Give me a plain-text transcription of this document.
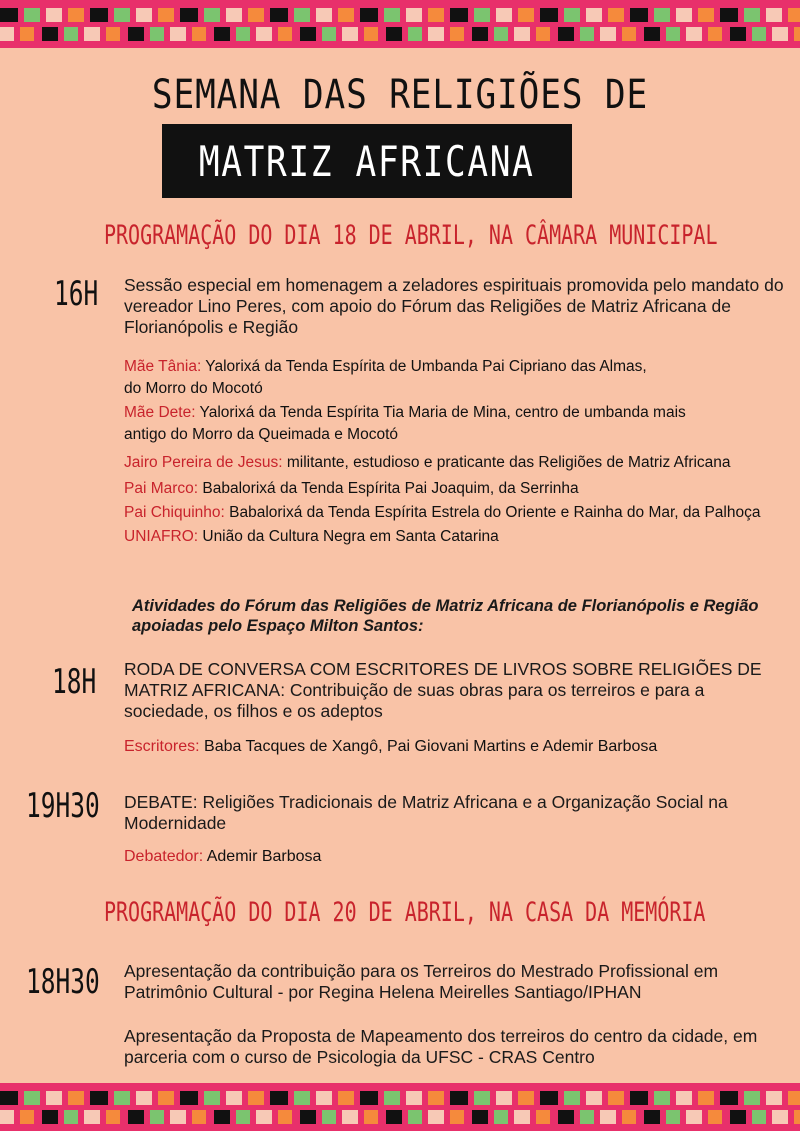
SEMANA DAS RELIGIÕES DE
MATRIZ AFRICANA
PROGRAMAÇÃO DO DIA 18 DE ABRIL, NA CÂMARA MUNICIPAL
16H Sessão especial em homenagem a zeladores espirituais promovida pelo mandato do vereador Lino Peres, com apoio do Fórum das Religiões de Matriz Africana de Florianópolis e Região

Mãe Tânia: Yalorixá da Tenda Espírita de Umbanda Pai Cipriano das Almas,
do Morro do Mocotó

Mãe Dete: Yalorixá da Tenda Espírita Tia Maria de Mina, centro de umbanda mais
antigo do Morro da Queimada e Mocotó

Jairo Pereira de Jesus: militante, estudioso e praticante das Religiões de Matriz Africana

Pai Marco: Babalorixá da Tenda Espírita Pai Joaquim, da Serrinha

Pai Chiquinho: Babalorixá da Tenda Espírita Estrela do Oriente e Rainha do Mar, da Palhoça

UNIAFRO: União da Cultura Negra em Santa Catarina

Atividades do Fórum das Religiões de Matriz Africana de Florianópolis e Região apoiadas pelo Espaço Milton Santos:
18H RODA DE CONVERSA COM ESCRITORES DE LIVROS SOBRE RELIGIÕES DE MATRIZ AFRICANA: Contribuição de suas obras para os terreiros e para a sociedade, os filhos e os adeptos
Escritores: Baba Tacques de Xangô, Pai Giovani Martins e Ademir Barbosa
19H30 DEBATE: Religiões Tradicionais de Matriz Africana e a Organização Social na Modernidade
Debatedor: Ademir Barbosa
PROGRAMAÇÃO DO DIA 20 DE ABRIL, NA CASA DA MEMÓRIA
18H30 Apresentação da contribuição para os Terreiros do Mestrado Profissional em Patrimônio Cultural - por Regina Helena Meirelles Santiago/IPHAN
Apresentação da Proposta de Mapeamento dos terreiros do centro da cidade, em parceria com o curso de Psicologia da UFSC - CRAS Centro
